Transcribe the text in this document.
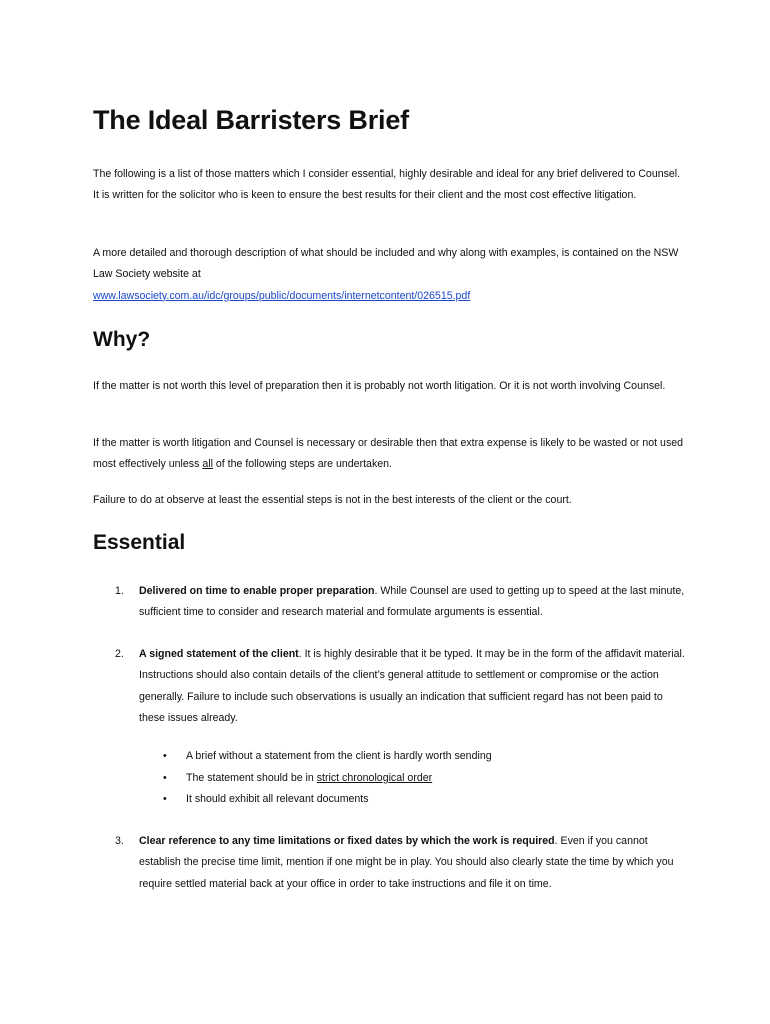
The Ideal Barristers Brief

The following is a list of those matters which I consider essential, highly desirable and ideal for any brief delivered to Counsel. It is written for the solicitor who is keen to ensure the best results for their client and the most cost effective litigation.

A more detailed and thorough description of what should be included and why along with examples, is contained on the NSW Law Society website at

www.lawsociety.com.au/idc/groups/public/documents/internetcontent/026515.pdf
Why?

If the matter is not worth this level of preparation then it is probably not worth litigation. Or it is not worth involving Counsel.

If the matter is worth litigation and Counsel is necessary or desirable then that extra expense is likely to be wasted or not used most effectively unless all of the following steps are undertaken.

Failure to do at observe at least the essential steps is not in the best interests of the client or the court.

Essential
1. Delivered on time to enable proper preparation. While Counsel are used to getting up to speed at the last minute, sufficient time to consider and research material and formulate arguments is essential.
2. A signed statement of the client. It is highly desirable that it be typed. It may be in the form of the affidavit material. Instructions should also contain details of the client’s general attitude to settlement or compromise or the action generally. Failure to include such observations is usually an indication that sufficient regard has not been paid to these issues already.
• A brief without a statement from the client is hardly worth sending
• The statement should be in strict chronological order
• It should exhibit all relevant documents
3. Clear reference to any time limitations or fixed dates by which the work is required. Even if you cannot establish the precise time limit, mention if one might be in play. You should also clearly state the time by which you require settled material back at your office in order to take instructions and file it on time.
